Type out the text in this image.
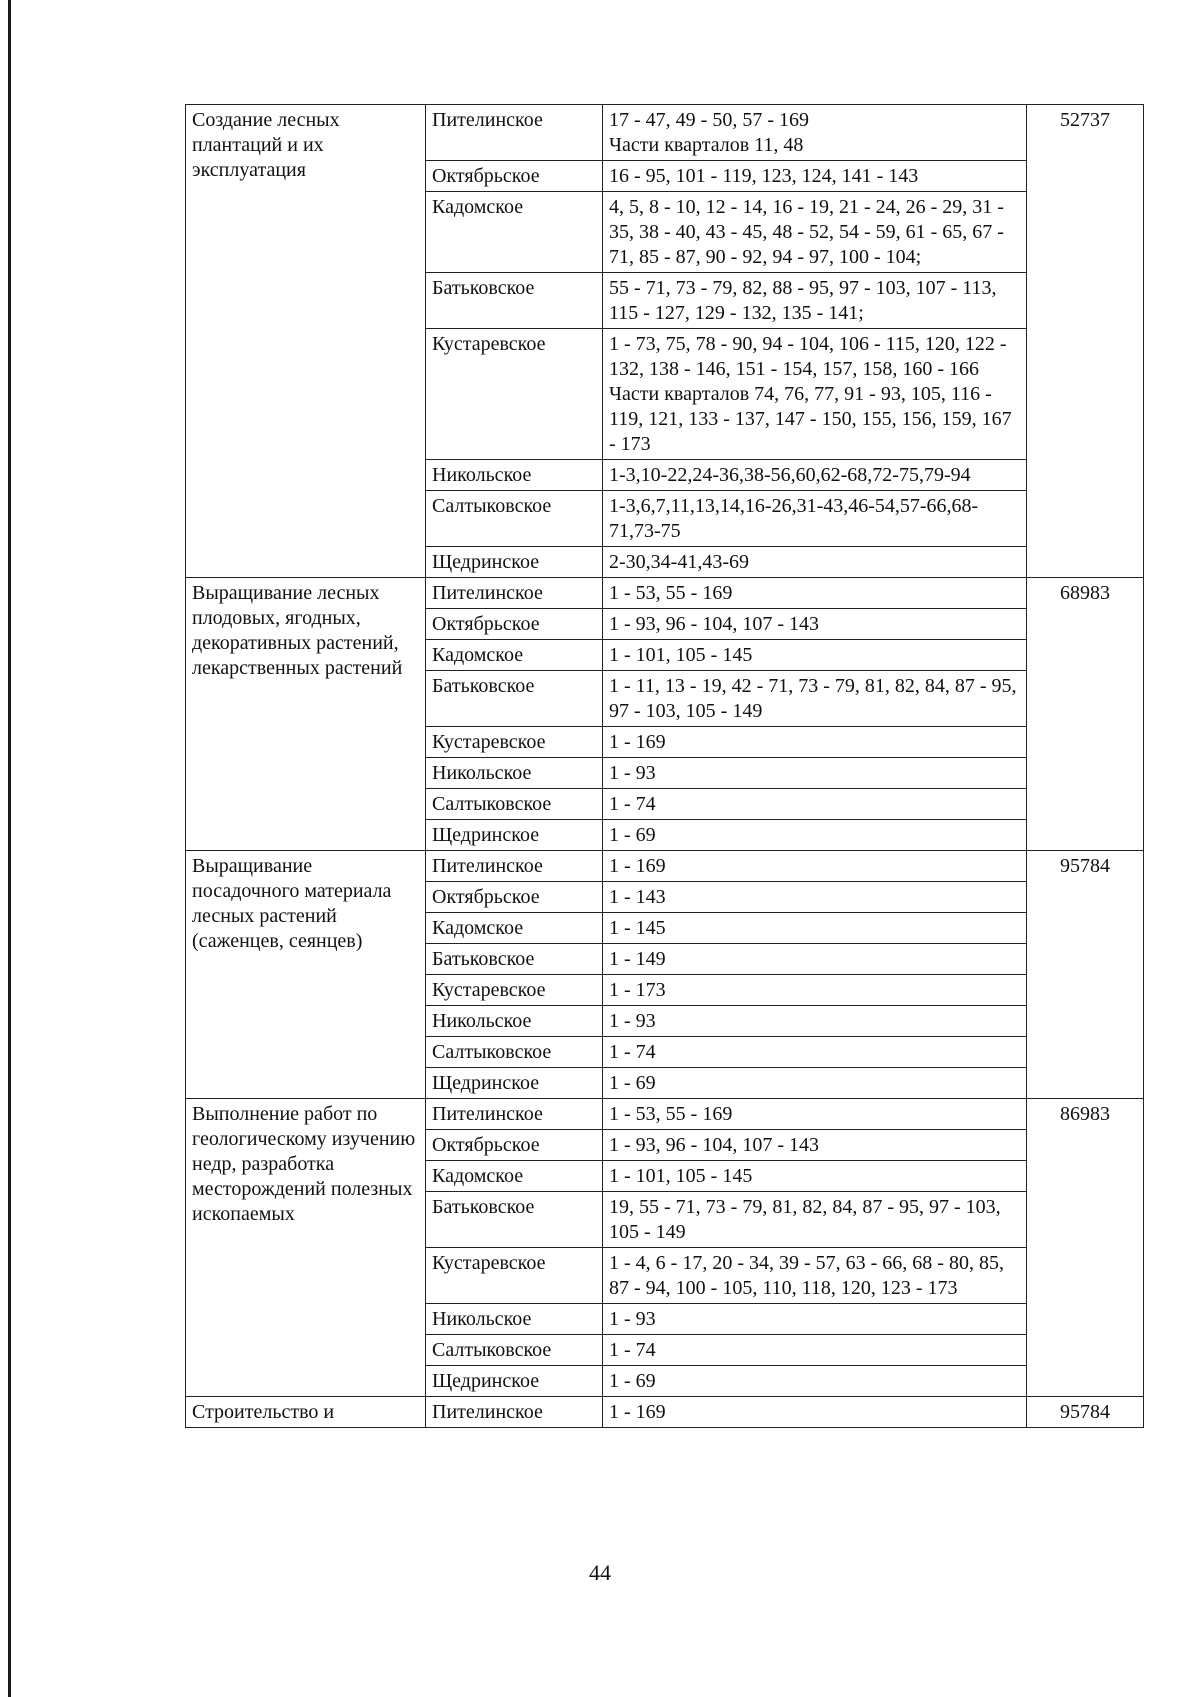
Создание лесных плантаций и их эксплуатация	Пителинское	17 - 47, 49 - 50, 57 - 169
Части кварталов 11, 48	52737
	Октябрьское	16 - 95, 101 - 119, 123, 124, 141 - 143	

	Кадомское	4, 5, 8 - 10, 12 - 14, 16 - 19, 21 - 24, 26 - 29, 31 - 35, 38 - 40, 43 - 45, 48 - 52, 54 - 59, 61 - 65, 67 - 71, 85 - 87, 90 - 92, 94 - 97, 100 - 104;	

	Батьковское	55 - 71, 73 - 79, 82, 88 - 95, 97 - 103, 107 - 113, 115 - 127, 129 - 132, 135 - 141;	

	Кустаревское	1 - 73, 75, 78 - 90, 94 - 104, 106 - 115, 120, 122 - 132, 138 - 146, 151 - 154, 157, 158, 160 - 166
Части кварталов 74, 76, 77, 91 - 93, 105, 116 - 119, 121, 133 - 137, 147 - 150, 155, 156, 159, 167 - 173	

	Никольское	1-3,10-22,24-36,38-56,60,62-68,72-75,79-94	

	Салтыковское	1-3,6,7,11,13,14,16-26,31-43,46-54,57-66,68-71,73-75	

	Щедринское	2-30,34-41,43-69	

Выращивание лесных плодовых, ягодных, декоративных растений, лекарственных растений	Пителинское	1 - 53, 55 - 169	68983
	Октябрьское	1 - 93, 96 - 104, 107 - 143	

	Кадомское	1 - 101, 105 - 145	

	Батьковское	1 - 11, 13 - 19, 42 - 71, 73 - 79, 81, 82, 84, 87 - 95, 97 - 103, 105 - 149	

	Кустаревское	1 - 169	

	Никольское	1 - 93	

	Салтыковское	1 - 74	

	Щедринское	1 - 69	

Выращивание посадочного материала лесных растений (саженцев, сеянцев)	Пителинское	1 - 169	95784
	Октябрьское	1 - 143	

	Кадомское	1 - 145	

	Батьковское	1 - 149	

	Кустаревское	1 - 173	

	Никольское	1 - 93	

	Салтыковское	1 - 74	

	Щедринское	1 - 69	

Выполнение работ по геологическому изучению недр, разработка месторождений полезных ископаемых	Пителинское	1 - 53, 55 - 169	86983
	Октябрьское	1 - 93, 96 - 104, 107 - 143	

	Кадомское	1 - 101, 105 - 145	

	Батьковское	19, 55 - 71, 73 - 79, 81, 82, 84, 87 - 95, 97 - 103, 105 - 149	

	Кустаревское	1 - 4, 6 - 17, 20 - 34, 39 - 57, 63 - 66, 68 - 80, 85, 87 - 94, 100 - 105, 110, 118, 120, 123 - 173	

	Никольское	1 - 93	

	Салтыковское	1 - 74	

	Щедринское	1 - 69	

Строительство и	Пителинское	1 - 169	95784
44
